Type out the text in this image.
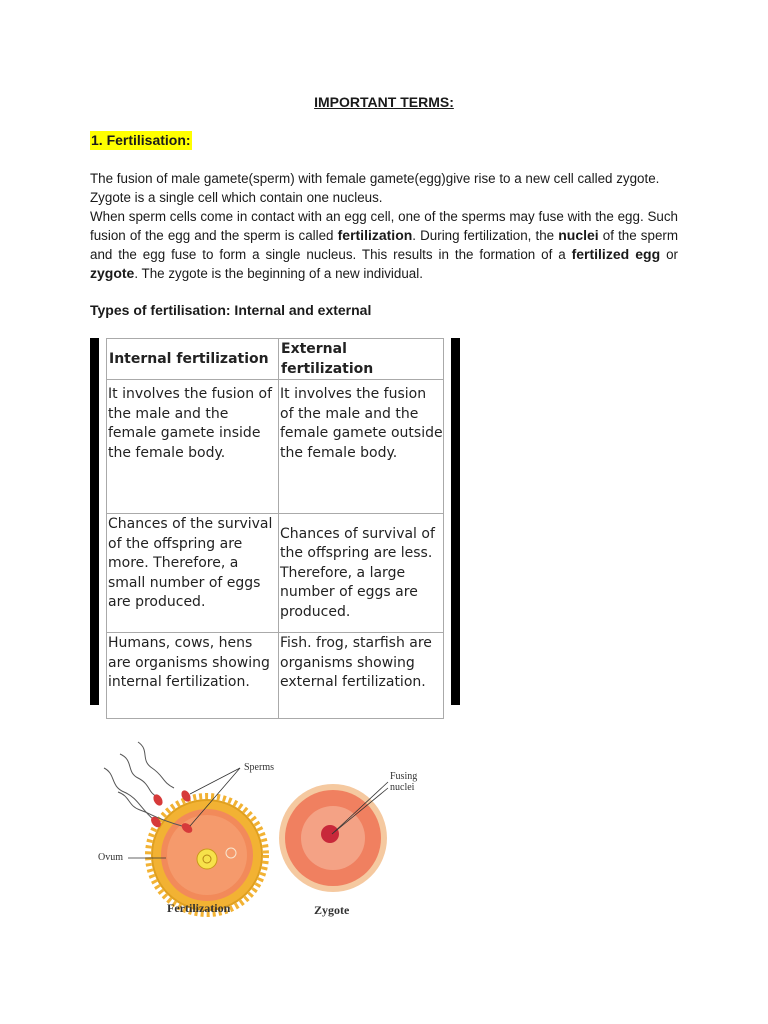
IMPORTANT TERMS:
1. Fertilisation:

The fusion of male gamete(sperm) with female gamete(egg)give rise to a new cell called zygote.

Zygote is a single cell which contain one nucleus.

When sperm cells come in contact with an egg cell, one of the sperms may fuse with the egg. Such fusion of the egg and the sperm is called fertilization. During fertilization, the nuclei of the sperm and the egg fuse to form a single nucleus. This results in the formation of a fertilized egg or zygote. The zygote is the beginning of a new individual.

Types of fertilisation: Internal and external
Internal fertilization	External fertilization
It involves the fusion of the male and the female gamete inside the female body.	It involves the fusion of the male and the female gamete outside the female body.
Chances of the survival of the offspring are more. Therefore, a small number of eggs are produced.	Chances of survival of the offspring are less. Therefore, a large number of eggs are produced.
Humans, cows, hens are organisms showing internal fertilization.	Fish. frog, starfish are organisms showing external fertilization.
Sperms
Ovum
Fusing
nuclei
Fertilization	Zygote
